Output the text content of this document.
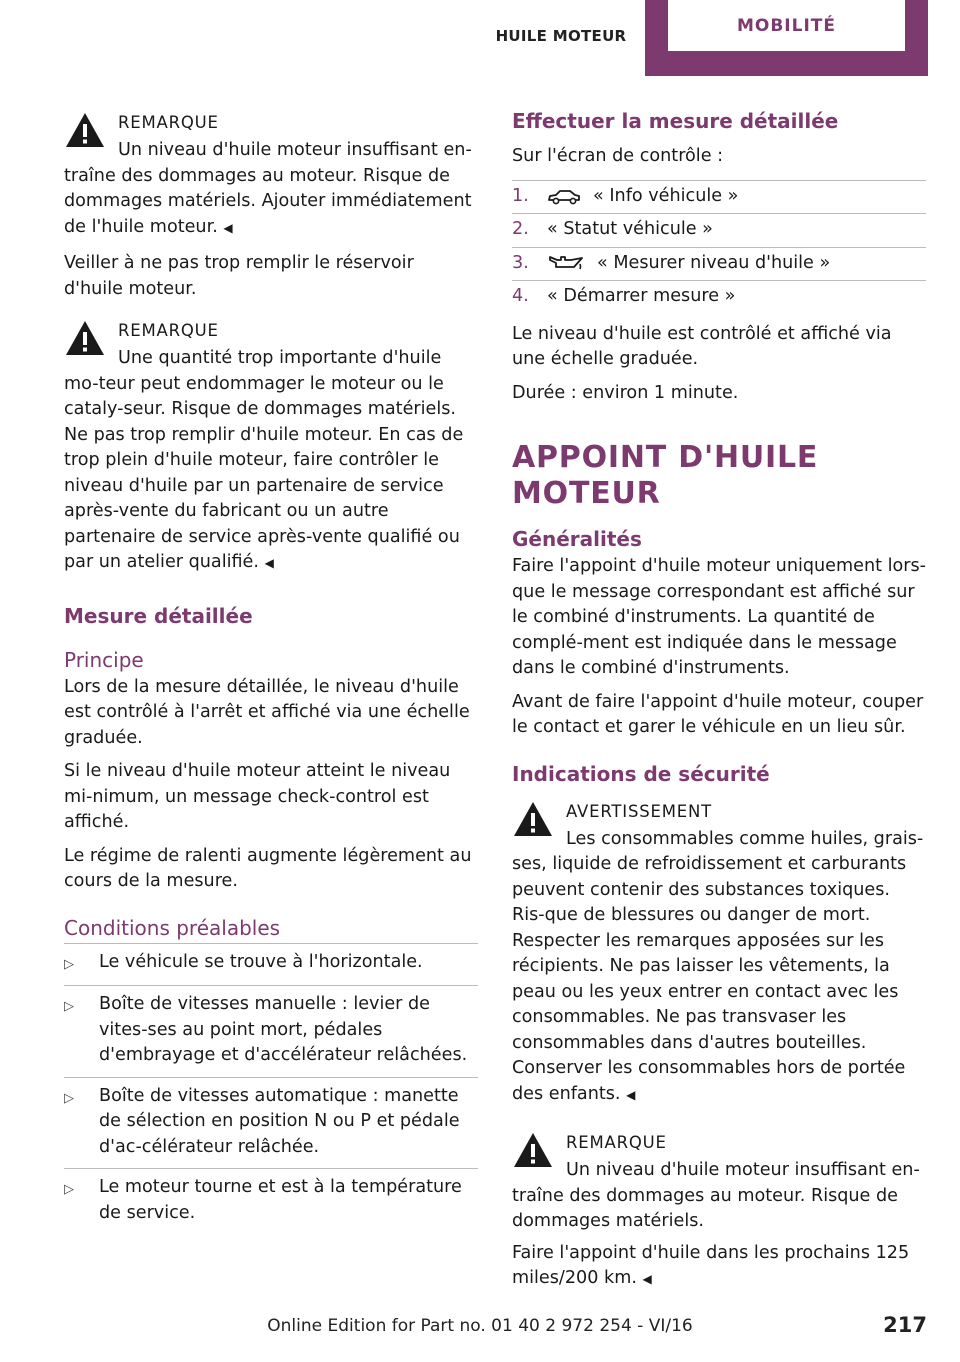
HUILE MOTEUR
MOBILITÉ
REMARQUE
Un niveau d'huile moteur insuffisant en-traîne des dommages au moteur. Risque de dommages matériels. Ajouter immédiatement de l'huile moteur. ◀

Veiller à ne pas trop remplir le réservoir d'huile moteur.

REMARQUE
Une quantité trop importante d'huile mo-teur peut endommager le moteur ou le cataly-seur. Risque de dommages matériels. Ne pas trop remplir d'huile moteur. En cas de trop plein d'huile moteur, faire contrôler le niveau d'huile par un partenaire de service après-vente du fabricant ou un autre partenaire de service après-vente qualifié ou par un atelier qualifié. ◀
Mesure détaillée
Principe

Lors de la mesure détaillée, le niveau d'huile est contrôlé à l'arrêt et affiché via une échelle graduée.

Si le niveau d'huile moteur atteint le niveau mi-nimum, un message check-control est affiché.

Le régime de ralenti augmente légèrement au cours de la mesure.

Conditions préalables
▷	Le véhicule se trouve à l'horizontale.
▷	Boîte de vitesses manuelle : levier de vites-ses au point mort, pédales d'embrayage et d'accélérateur relâchées.
▷	Boîte de vitesses automatique : manette de sélection en position N ou P et pédale d'ac-célérateur relâchée.
▷	Le moteur tourne et est à la température de service.
Effectuer la mesure détaillée

Sur l'écran de contrôle :

1.	« Info véhicule »
2.	« Statut véhicule »
3.	« Mesurer niveau d'huile »
4.	« Démarrer mesure »

Le niveau d'huile est contrôlé et affiché via une échelle graduée.

Durée : environ 1 minute.

APPOINT D'HUILE MOTEUR
Généralités

Faire l'appoint d'huile moteur uniquement lors-que le message correspondant est affiché sur le combiné d'instruments. La quantité de complé-ment est indiquée dans le message dans le combiné d'instruments.

Avant de faire l'appoint d'huile moteur, couper le contact et garer le véhicule en un lieu sûr.

Indications de sécurité
AVERTISSEMENT
Les consommables comme huiles, grais-ses, liquide de refroidissement et carburants peuvent contenir des substances toxiques. Ris-que de blessures ou danger de mort. Respecter les remarques apposées sur les récipients. Ne pas laisser les vêtements, la peau ou les yeux entrer en contact avec les consommables. Ne pas transvaser les consommables dans d'autres bouteilles. Conserver les consommables hors de portée des enfants. ◀
REMARQUE
Un niveau d'huile moteur insuffisant en-traîne des dommages au moteur. Risque de dommages matériels.

Faire l'appoint d'huile dans les prochains 125 miles/200 km. ◀

Online Edition for Part no. 01 40 2 972 254 - VI/16	217
